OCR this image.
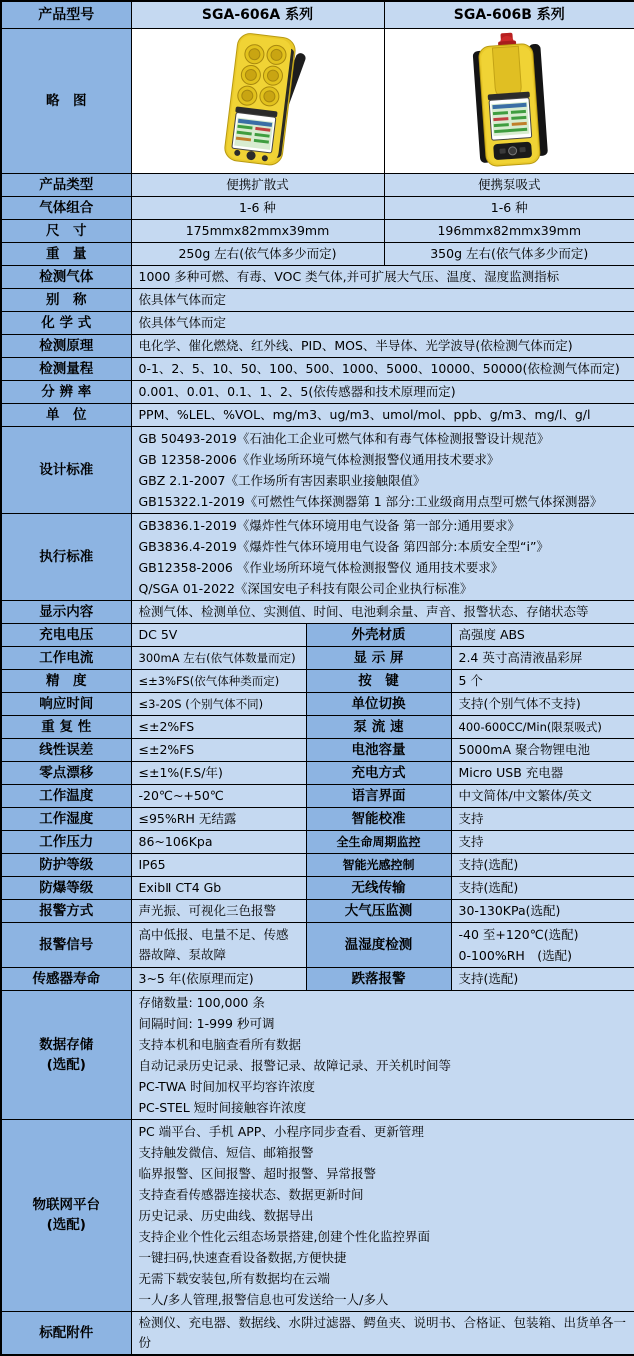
产品型号	SGA-606A 系列		SGA-606B 系列	
略　图		
产品类型	便携扩散式		便携泵吸式	
气体组合	1-6 种		1-6 种	
尺　寸	175mmx82mmx39mm		196mmx82mmx39mm	
重　量	250g 左右(依气体多少而定)		350g 左右(依气体多少而定)	
检测气体	1000 多种可燃、有毒、VOC 类气体,并可扩展大气压、温度、湿度监测指标			
别　称	依具体气体而定			
化 学 式	依具体气体而定			
检测原理	电化学、催化燃烧、红外线、PID、MOS、半导体、光学波导(依检测气体而定)			
检测量程	0-1、2、5、10、50、100、500、1000、5000、10000、50000(依检测气体而定)			
分 辨 率	0.001、0.01、0.1、1、2、5(依传感器和技术原理而定)			
单　位	PPM、%LEL、%VOL、mg/m3、ug/m3、umol/mol、ppb、g/m3、mg/l、g/l			
设计标准	GB 50493-2019《石油化工企业可燃气体和有毒气体检测报警设计规范》
GB 12358-2006《作业场所环境气体检测报警仪通用技术要求》
GBZ 2.1-2007《工作场所有害因素职业接触限值》
GB15322.1-2019《可燃性气体探测器第 1 部分:工业级商用点型可燃气体探测器》			

执行标准	GB3836.1-2019《爆炸性气体环境用电气设备 第一部分:通用要求》
GB3836.4-2019《爆炸性气体环境用电气设备 第四部分:本质安全型“i”》
GB12358-2006 《作业场所环境气体检测报警仪 通用技术要求》
Q/SGA 01-2022《深国安电子科技有限公司企业执行标准》			

显示内容	检测气体、检测单位、实测值、时间、电池剩余量、声音、报警状态、存储状态等			
充电电压	DC 5V	外壳材质		高强度 ABS
工作电流	300mA 左右(依气体数量而定)	显 示 屏		2.4 英寸高清液晶彩屏
精　度	≤±3%FS(依气体种类而定)	按　键		5 个
响应时间	≤3-20S (个别气体不同)	单位切换		支持(个别气体不支持)
重 复 性	≤±2%FS	泵 流 速		400-600CC/Min(限泵吸式)
线性误差	≤±2%FS	电池容量		5000mA 聚合物锂电池
零点漂移	≤±1%(F.S/年)	充电方式		Micro USB 充电器
工作温度	-20℃~+50℃	语言界面		中文简体/中文繁体/英文
工作湿度	≤95%RH 无结露	智能校准		支持
工作压力	86~106Kpa	全生命周期监控		支持
防护等级	IP65	智能光感控制		支持(选配)
防爆等级	ExibⅡ CT4 Gb	无线传输		支持(选配)
报警方式	声光振、可视化三色报警	大气压监测		30-130KPa(选配)
报警信号	高中低报、电量不足、传感器故障、泵故障	温湿度检测		-40 至+120℃(选配)
0-100%RH　(选配)

传感器寿命	3~5 年(依原理而定)	跌落报警		支持(选配)

数据存储
(选配)

存储数量: 100,000 条
间隔时间: 1-999 秒可调
支持本机和电脑查看所有数据
自动记录历史记录、报警记录、故障记录、开关机时间等
PC-TWA 时间加权平均容许浓度
PC-STEL 短时间接触容许浓度

物联网平台
(选配)

PC 端平台、手机 APP、小程序同步查看、更新管理
支持触发微信、短信、邮箱报警
临界报警、区间报警、超时报警、异常报警
支持查看传感器连接状态、数据更新时间
历史记录、历史曲线、数据导出
支持企业个性化云组态场景搭建,创建个性化监控界面
一键扫码,快速查看设备数据,方便快捷
无需下载安装包,所有数据均在云端
一人/多人管理,报警信息也可发送给一人/多人

标配附件	检测仪、充电器、数据线、水阱过滤器、鳄鱼夹、说明书、合格证、包装箱、出货单各一份			
